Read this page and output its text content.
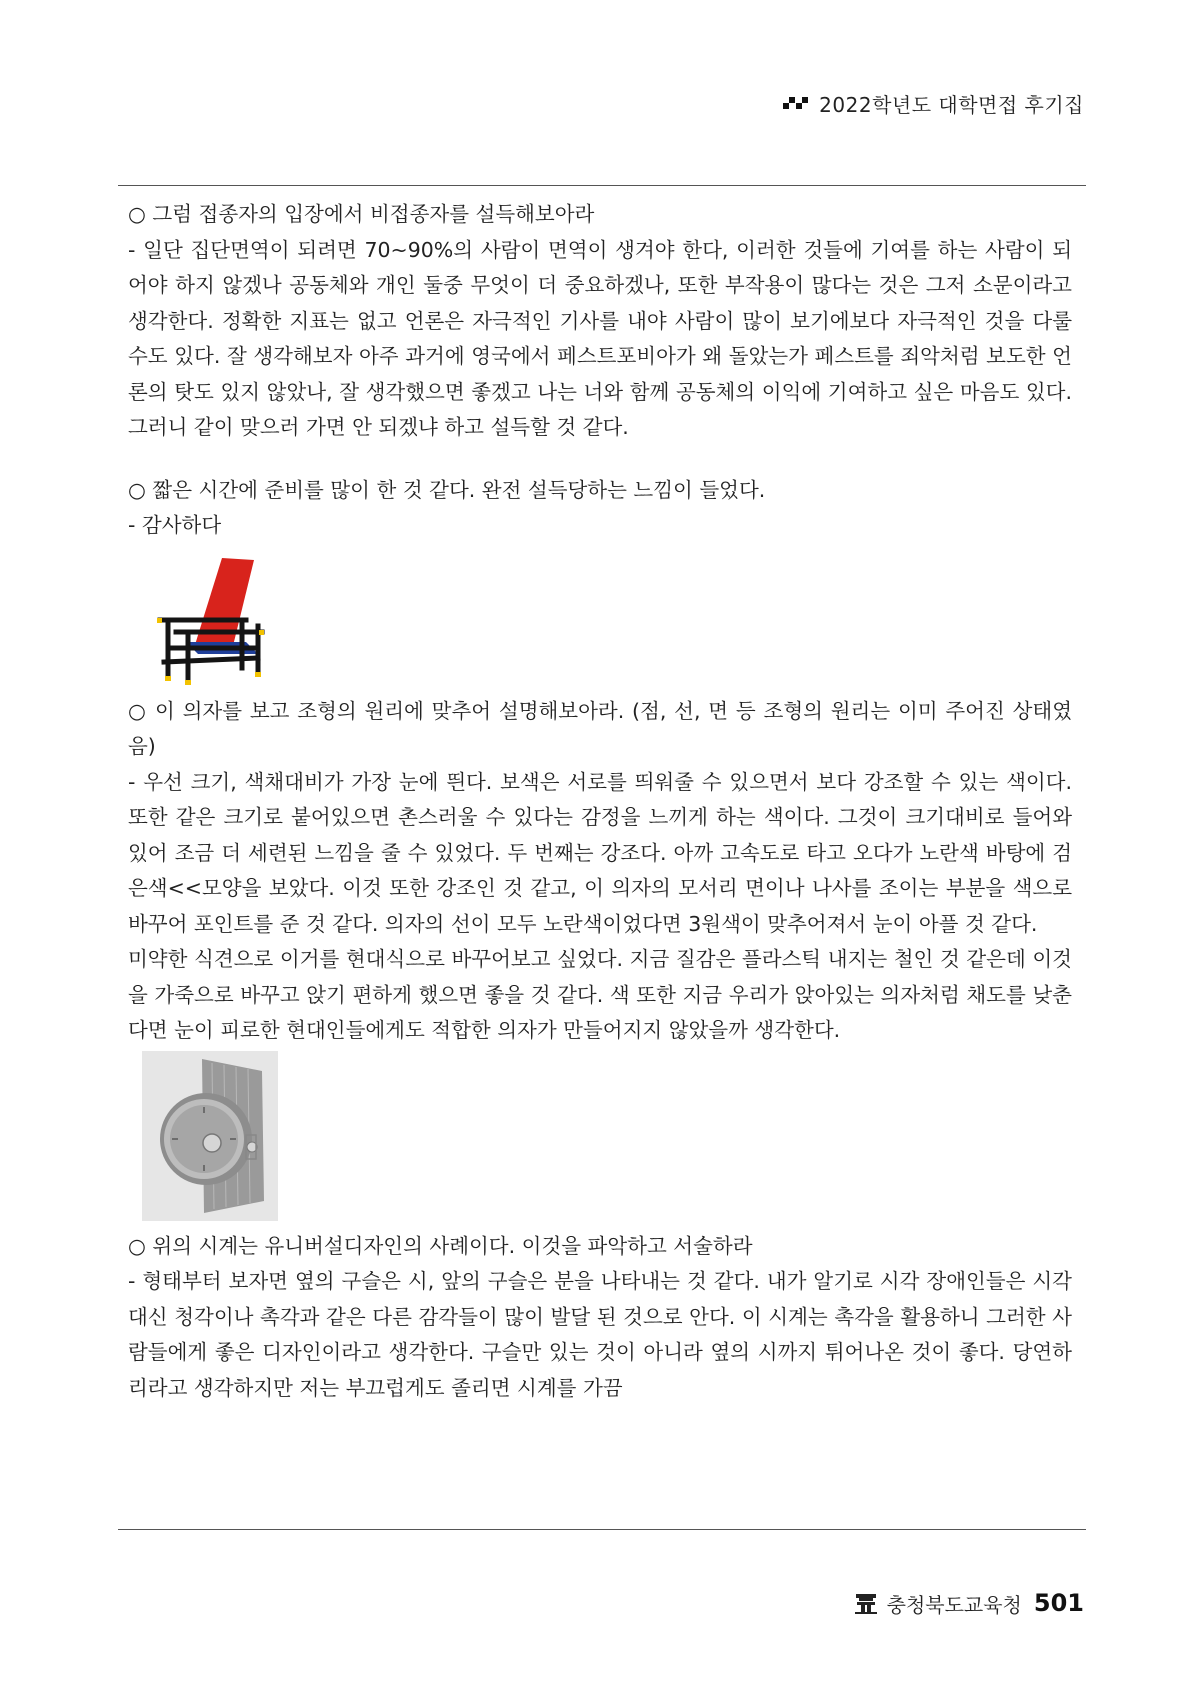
2022학년도 대학면접 후기집

○ 그럼 접종자의 입장에서 비접종자를 설득해보아라

- 일단 집단면역이 되려면 70~90%의 사람이 면역이 생겨야 한다, 이러한 것들에 기여를 하는 사람이 되어야 하지 않겠나 공동체와 개인 둘중 무엇이 더 중요하겠나, 또한 부작용이 많다는 것은 그저 소문이라고 생각한다. 정확한 지표는 없고 언론은 자극적인 기사를 내야 사람이 많이 보기에보다 자극적인 것을 다룰 수도 있다. 잘 생각해보자 아주 과거에 영국에서 페스트포비아가 왜 돌았는가 페스트를 죄악처럼 보도한 언론의 탓도 있지 않았나, 잘 생각했으면 좋겠고 나는 너와 함께 공동체의 이익에 기여하고 싶은 마음도 있다. 그러니 같이 맞으러 가면 안 되겠냐 하고 설득할 것 같다.

○ 짧은 시간에 준비를 많이 한 것 같다. 완전 설득당하는 느낌이 들었다.

- 감사하다

○ 이 의자를 보고 조형의 원리에 맞추어 설명해보아라. (점, 선, 면 등 조형의 원리는 이미 주어진 상태였음)

- 우선 크기, 색채대비가 가장 눈에 띈다. 보색은 서로를 띄워줄 수 있으면서 보다 강조할 수 있는 색이다. 또한 같은 크기로 붙어있으면 촌스러울 수 있다는 감정을 느끼게 하는 색이다. 그것이 크기대비로 들어와 있어 조금 더 세련된 느낌을 줄 수 있었다. 두 번째는 강조다. 아까 고속도로 타고 오다가 노란색 바탕에 검은색<<모양을 보았다. 이것 또한 강조인 것 같고, 이 의자의 모서리 면이나 나사를 조이는 부분을 색으로 바꾸어 포인트를 준 것 같다. 의자의 선이 모두 노란색이었다면 3원색이 맞추어져서 눈이 아플 것 같다.

미약한 식견으로 이거를 현대식으로 바꾸어보고 싶었다. 지금 질감은 플라스틱 내지는 철인 것 같은데 이것을 가죽으로 바꾸고 앉기 편하게 했으면 좋을 것 같다. 색 또한 지금 우리가 앉아있는 의자처럼 채도를 낮춘다면 눈이 피로한 현대인들에게도 적합한 의자가 만들어지지 않았을까 생각한다.

○ 위의 시계는 유니버설디자인의 사례이다. 이것을 파악하고 서술하라

- 형태부터 보자면 옆의 구슬은 시, 앞의 구슬은 분을 나타내는 것 같다. 내가 알기로 시각 장애인들은 시각 대신 청각이나 촉각과 같은 다른 감각들이 많이 발달 된 것으로 안다. 이 시계는 촉각을 활용하니 그러한 사람들에게 좋은 디자인이라고 생각한다. 구슬만 있는 것이 아니라 옆의 시까지 튀어나온 것이 좋다. 당연하리라고 생각하지만 저는 부끄럽게도 졸리면 시계를 가끔

충청북도교육청 501
